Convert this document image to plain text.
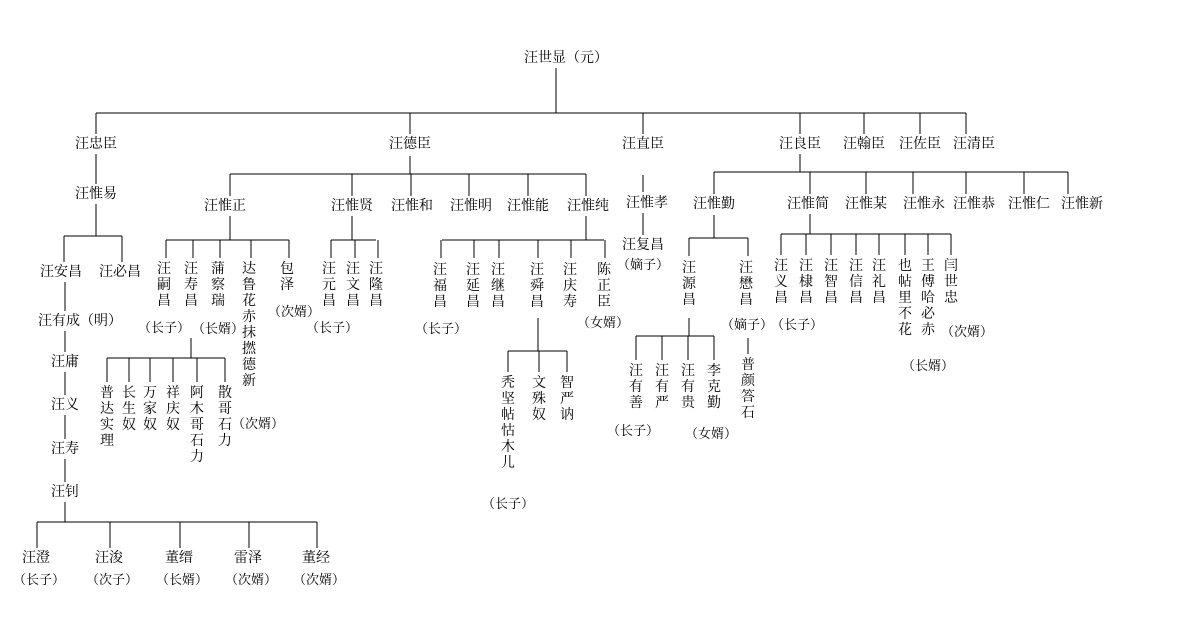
汪世显（元）
汪忠臣	汪德臣	汪直臣	汪良臣 汪翰臣 汪佐臣 汪清臣
汪惟易
汪安昌 汪必昌
汪有成（明）
汪庸
汪义
汪寿
汪钊
汪澄
（长子）
汪浚
（次子）
董缙
（长婿）
雷泽
（次婿）
董经
（次婿）
汪惟正	汪惟贤 汪惟和 汪惟明 汪惟能 汪惟纯
汪嗣昌
汪寿昌
蒲察瑞
达鲁花赤抹撚德新
包泽
（长子） （长婿）
（次婿）
（次婿）
普达实理
长生奴
万家奴
祥庆奴
阿木哥石力
散哥石力
汪元昌
汪文昌
汪隆昌
（长子）
汪福昌
汪延昌
汪继昌
汪舜昌
汪庆寿
陈正臣
（长子）	（女婿）
秃坚帖怙木儿
文殊奴
智严讷
（长子）
汪惟孝
汪复昌
（嫡子）
汪惟勤	汪惟简 汪惟某 汪惟永 汪惟恭 汪惟仁 汪惟新
汪源昌
汪懋昌
（嫡子）
汪有善
汪有严
汪有贵
李克勤
（长子） （女婿）
普颜答石
汪义昌
汪棣昌
汪智昌
汪信昌
汪礼昌
也帖里不花
王傅哈必赤
闫世忠
（长子）
（长婿）
（次婿）
